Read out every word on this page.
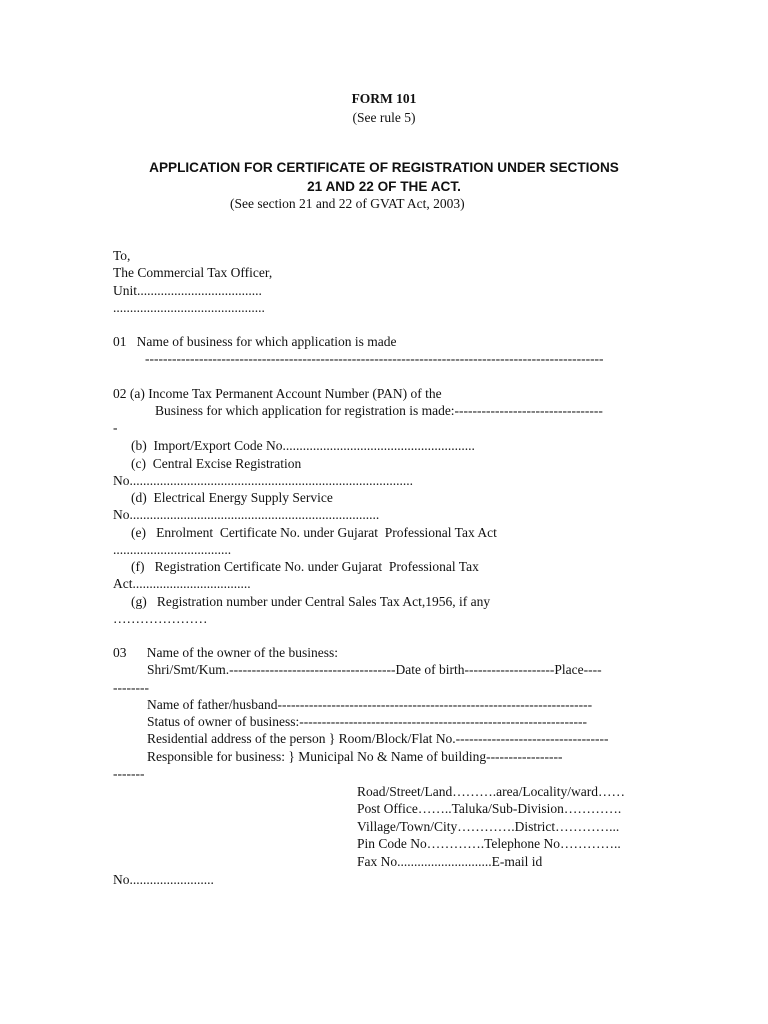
FORM 101
(See rule 5)
APPLICATION FOR CERTIFICATE OF REGISTRATION UNDER SECTIONS
21 AND 22 OF THE ACT.
(See section 21 and 22 of GVAT Act, 2003)
To,
The Commercial Tax Officer,
Unit.....................................
.............................................
01   Name of business for which application is made
------------------------------------------------------------------------------------------------------
02 (a) Income Tax Permanent Account Number (PAN) of the
Business for which application for registration is made:---------------------------------
-
(b)  Import/Export Code No.........................................................
(c)  Central Excise Registration
No....................................................................................
(d)  Electrical Energy Supply Service
No..........................................................................
(e)   Enrolment  Certificate No. under Gujarat  Professional Tax Act
...................................
(f)   Registration Certificate No. under Gujarat  Professional Tax
Act...................................
(g)   Registration number under Central Sales Tax Act,1956, if any
…………………
03      Name of the owner of the business:
Shri/Smt/Kum.-------------------------------------Date of birth--------------------Place----
--------
Name of father/husband----------------------------------------------------------------------
Status of owner of business:----------------------------------------------------------------
Residential address of the person } Room/Block/Flat No.----------------------------------
Responsible for business: } Municipal No & Name of building-----------------
-------
Road/Street/Land……….area/Locality/ward……
Post Office……..Taluka/Sub-Division………….
Village/Town/City………….District…………...
Pin Code No………….Telephone No…………..
Fax No............................E-mail id
No.........................
